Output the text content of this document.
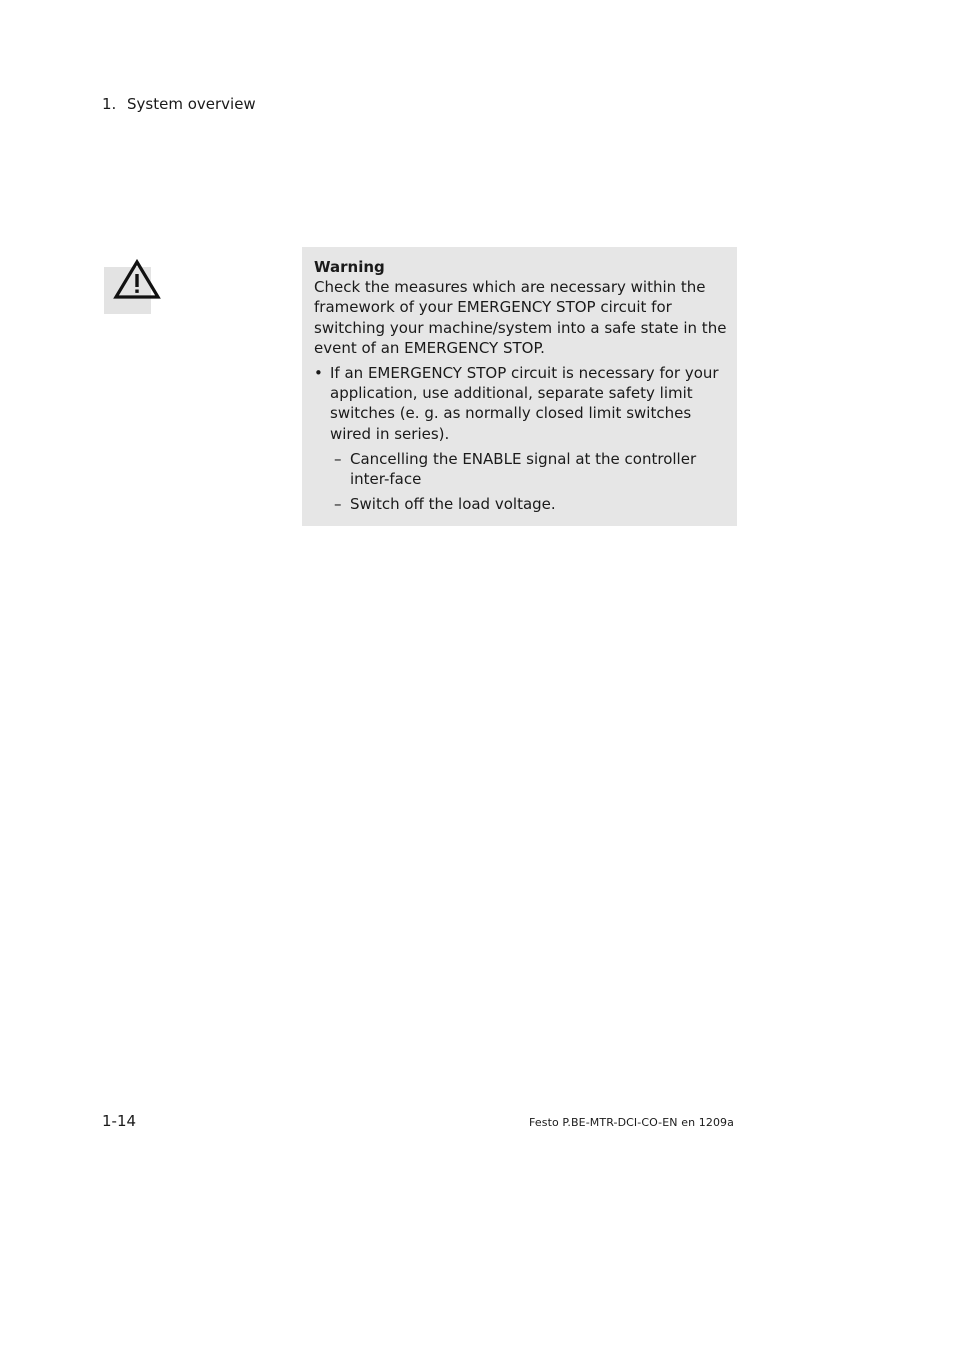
1. System overview
Warning

Check the measures which are necessary within the framework of your EMERGENCY STOP circuit for switching your machine/system into a safe state in the event of an EMERGENCY STOP.

• If an EMERGENCY STOP circuit is necessary for your application, use additional, separate safety limit switches (e. g. as normally closed limit switches wired in series).
– Cancelling the ENABLE signal at the controller inter-face
– Switch off the load voltage.
1-14	Festo P.BE-MTR-DCI-CO-EN en 1209a
